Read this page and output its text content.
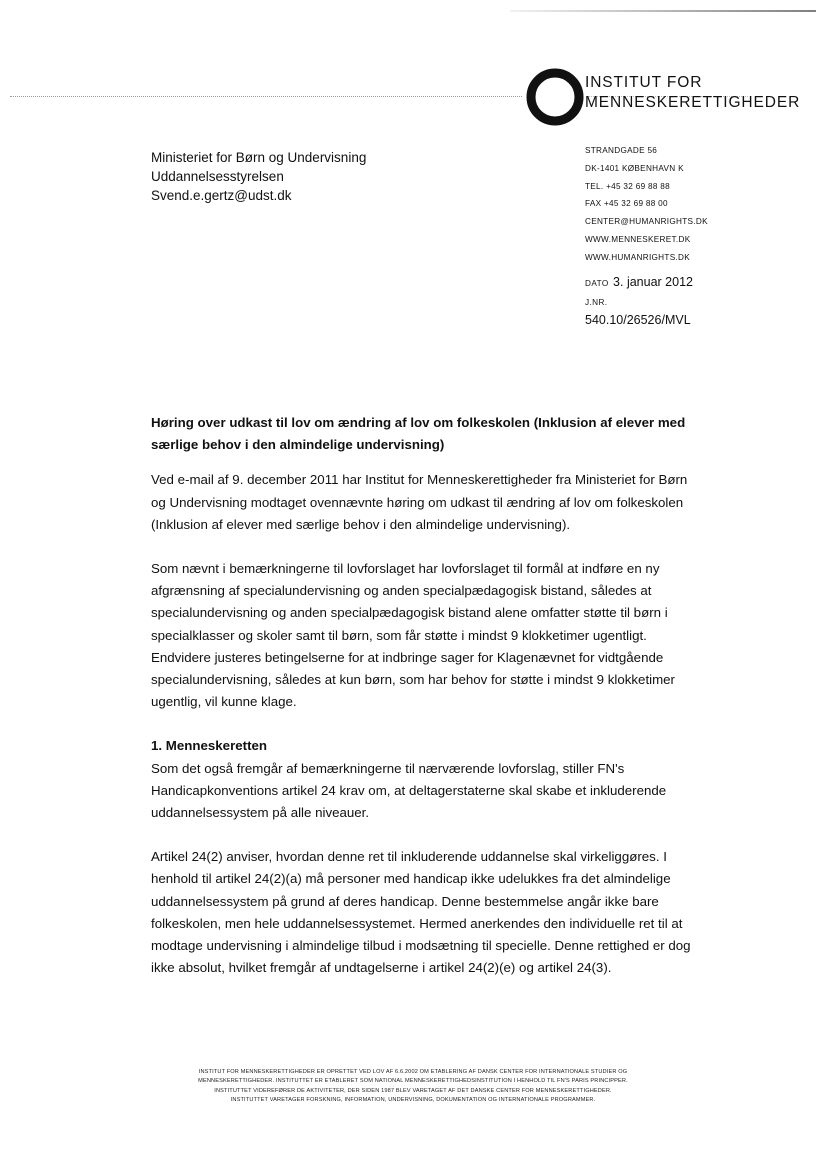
INSTITUT FOR
MENNESKERETTIGHEDER
Ministeriet for Børn og Undervisning
Uddannelsesstyrelsen
Svend.e.gertz@udst.dk
STRANDGADE 56
DK-1401 KØBENHAVN K
TEL. +45 32 69 88 88
FAX +45 32 69 88 00
CENTER@HUMANRIGHTS.DK
WWW.MENNESKERET.DK
WWW.HUMANRIGHTS.DK
DATO 3. januar 2012
J.NR.
540.10/26526/MVL

Høring over udkast til lov om ændring af lov om folkeskolen (Inklusion af elever med særlige behov i den almindelige undervisning)

Ved e-mail af 9. december 2011 har Institut for Menneskerettigheder fra Ministeriet for Børn og Undervisning modtaget ovennævnte høring om udkast til ændring af lov om folkeskolen (Inklusion af elever med særlige behov i den almindelige undervisning).

Som nævnt i bemærkningerne til lovforslaget har lovforslaget til formål at indføre en ny afgrænsning af specialundervisning og anden specialpædagogisk bistand, således at specialundervisning og anden specialpædagogisk bistand alene omfatter støtte til børn i specialklasser og skoler samt til børn, som får støtte i mindst 9 klokketimer ugentligt. Endvidere justeres betingelserne for at indbringe sager for Klagenævnet for vidtgående specialundervisning, således at kun børn, som har behov for støtte i mindst 9 klokketimer ugentlig, vil kunne klage.

1. Menneskeretten

Som det også fremgår af bemærkningerne til nærværende lovforslag, stiller FN's Handicapkonventions artikel 24 krav om, at deltagerstaterne skal skabe et inkluderende uddannelsessystem på alle niveauer.

Artikel 24(2) anviser, hvordan denne ret til inkluderende uddannelse skal virkeliggøres. I henhold til artikel 24(2)(a) må personer med handicap ikke udelukkes fra det almindelige uddannelsessystem på grund af deres handicap. Denne bestemmelse angår ikke bare folkeskolen, men hele uddannelsessystemet. Hermed anerkendes den individuelle ret til at modtage undervisning i almindelige tilbud i modsætning til specielle. Denne rettighed er dog ikke absolut, hvilket fremgår af undtagelserne i artikel 24(2)(e) og artikel 24(3).

INSTITUT FOR MENNESKERETTIGHEDER ER OPRETTET VED LOV AF 6.6.2002 OM ETABLERING AF DANSK CENTER FOR INTERNATIONALE STUDIER OG
MENNESKERETTIGHEDER. INSTITUTTET ER ETABLERET SOM NATIONAL MENNESKERETTIGHEDSINSTITUTION I HENHOLD TIL FN'S PARIS PRINCIPPER.
INSTITUTTET VIDEREFØRER DE AKTIVITETER, DER SIDEN 1987 BLEV VARETAGET AF DET DANSKE CENTER FOR MENNESKERETTIGHEDER.
INSTITUTTET VARETAGER FORSKNING, INFORMATION, UNDERVISNING, DOKUMENTATION OG INTERNATIONALE PROGRAMMER.
